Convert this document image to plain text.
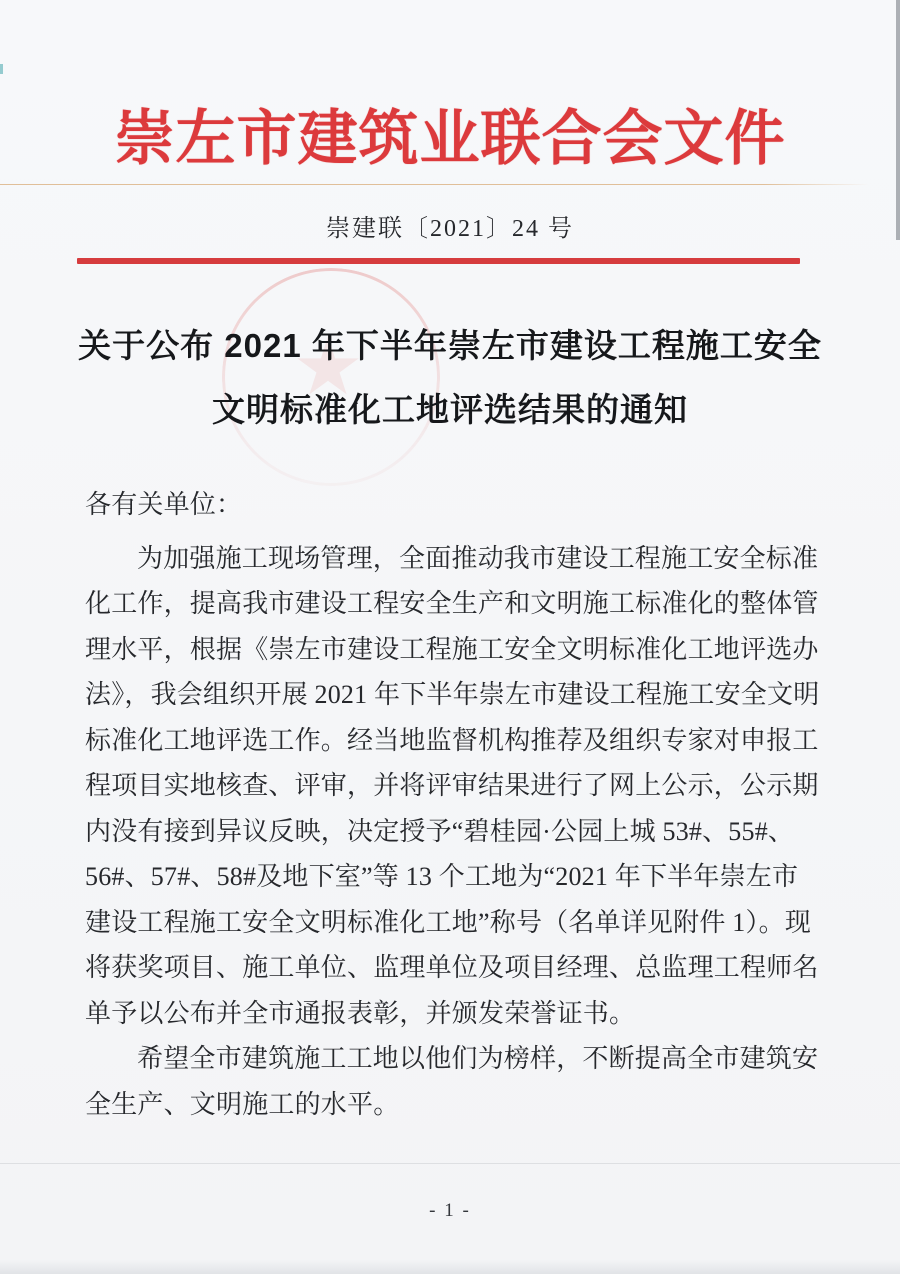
崇左市建筑业联合会文件
崇建联〔2021〕24 号
关于公布 2021 年下半年崇左市建设工程施工安全
文明标准化工地评选结果的通知
各有关单位：
为加强施工现场管理，全面推动我市建设工程施工安全标准
化工作，提高我市建设工程安全生产和文明施工标准化的整体管
理水平，根据《崇左市建设工程施工安全文明标准化工地评选办
法》，我会组织开展 2021 年下半年崇左市建设工程施工安全文明
标准化工地评选工作。经当地监督机构推荐及组织专家对申报工
程项目实地核查、评审，并将评审结果进行了网上公示，公示期
内没有接到异议反映，决定授予“碧桂园·公园上城 53#、55#、
56#、57#、58#及地下室”等 13 个工地为“2021 年下半年崇左市
建设工程施工安全文明标准化工地”称号（名单详见附件 1）。现
将获奖项目、施工单位、监理单位及项目经理、总监理工程师名
单予以公布并全市通报表彰，并颁发荣誉证书。
希望全市建筑施工工地以他们为榜样，不断提高全市建筑安
全生产、文明施工的水平。
- 1 -
